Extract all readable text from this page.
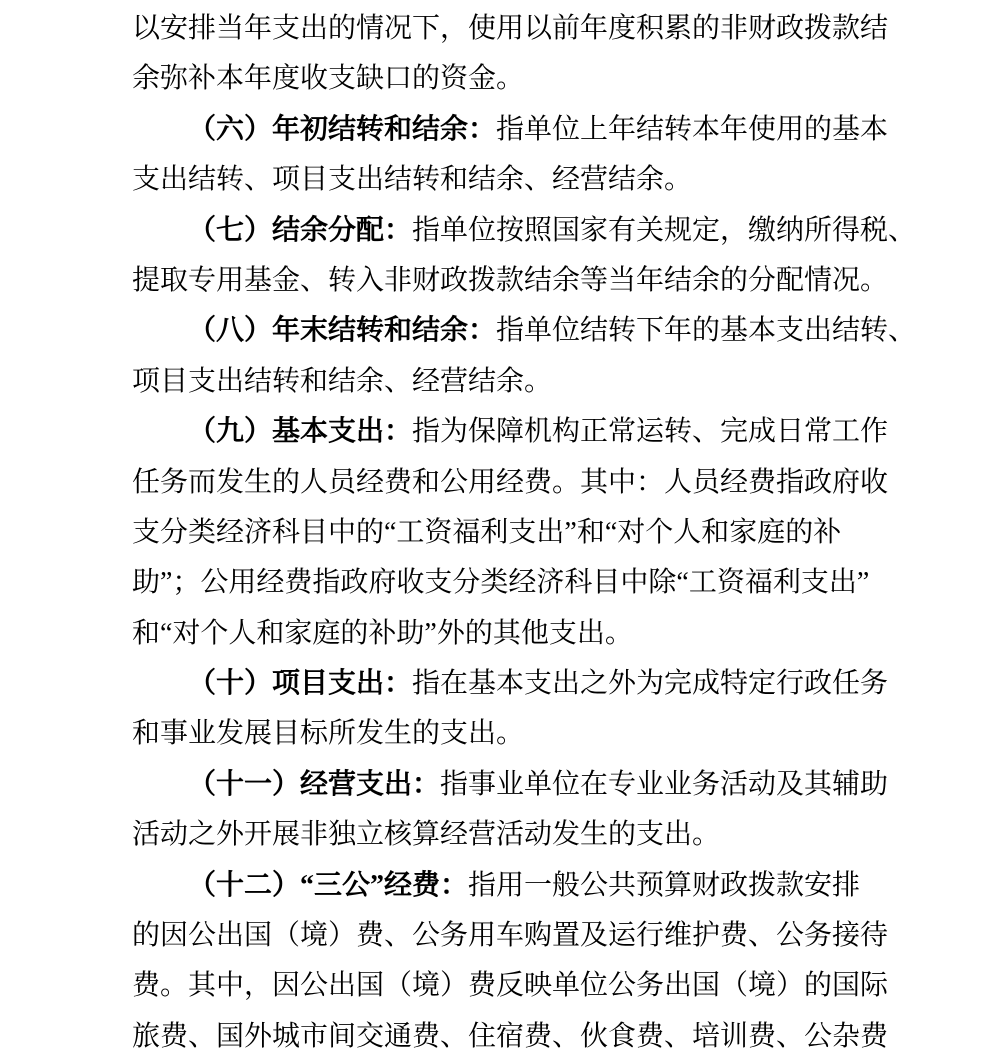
以安排当年支出的情况下，使用以前年度积累的非财政拨款结
余弥补本年度收支缺口的资金。
（六）年初结转和结余：指单位上年结转本年使用的基本
支出结转、项目支出结转和结余、经营结余。
（七）结余分配：指单位按照国家有关规定，缴纳所得税、
提取专用基金、转入非财政拨款结余等当年结余的分配情况。
（八）年末结转和结余：指单位结转下年的基本支出结转、
项目支出结转和结余、经营结余。
（九）基本支出：指为保障机构正常运转、完成日常工作
任务而发生的人员经费和公用经费。其中：人员经费指政府收
支分类经济科目中的“工资福利支出”和“对个人和家庭的补
助”；公用经费指政府收支分类经济科目中除“工资福利支出”
和“对个人和家庭的补助”外的其他支出。
（十）项目支出：指在基本支出之外为完成特定行政任务
和事业发展目标所发生的支出。
（十一）经营支出：指事业单位在专业业务活动及其辅助
活动之外开展非独立核算经营活动发生的支出。
（十二）“三公”经费：指用一般公共预算财政拨款安排
的因公出国（境）费、公务用车购置及运行维护费、公务接待
费。其中，因公出国（境）费反映单位公务出国（境）的国际
旅费、国外城市间交通费、住宿费、伙食费、培训费、公杂费
